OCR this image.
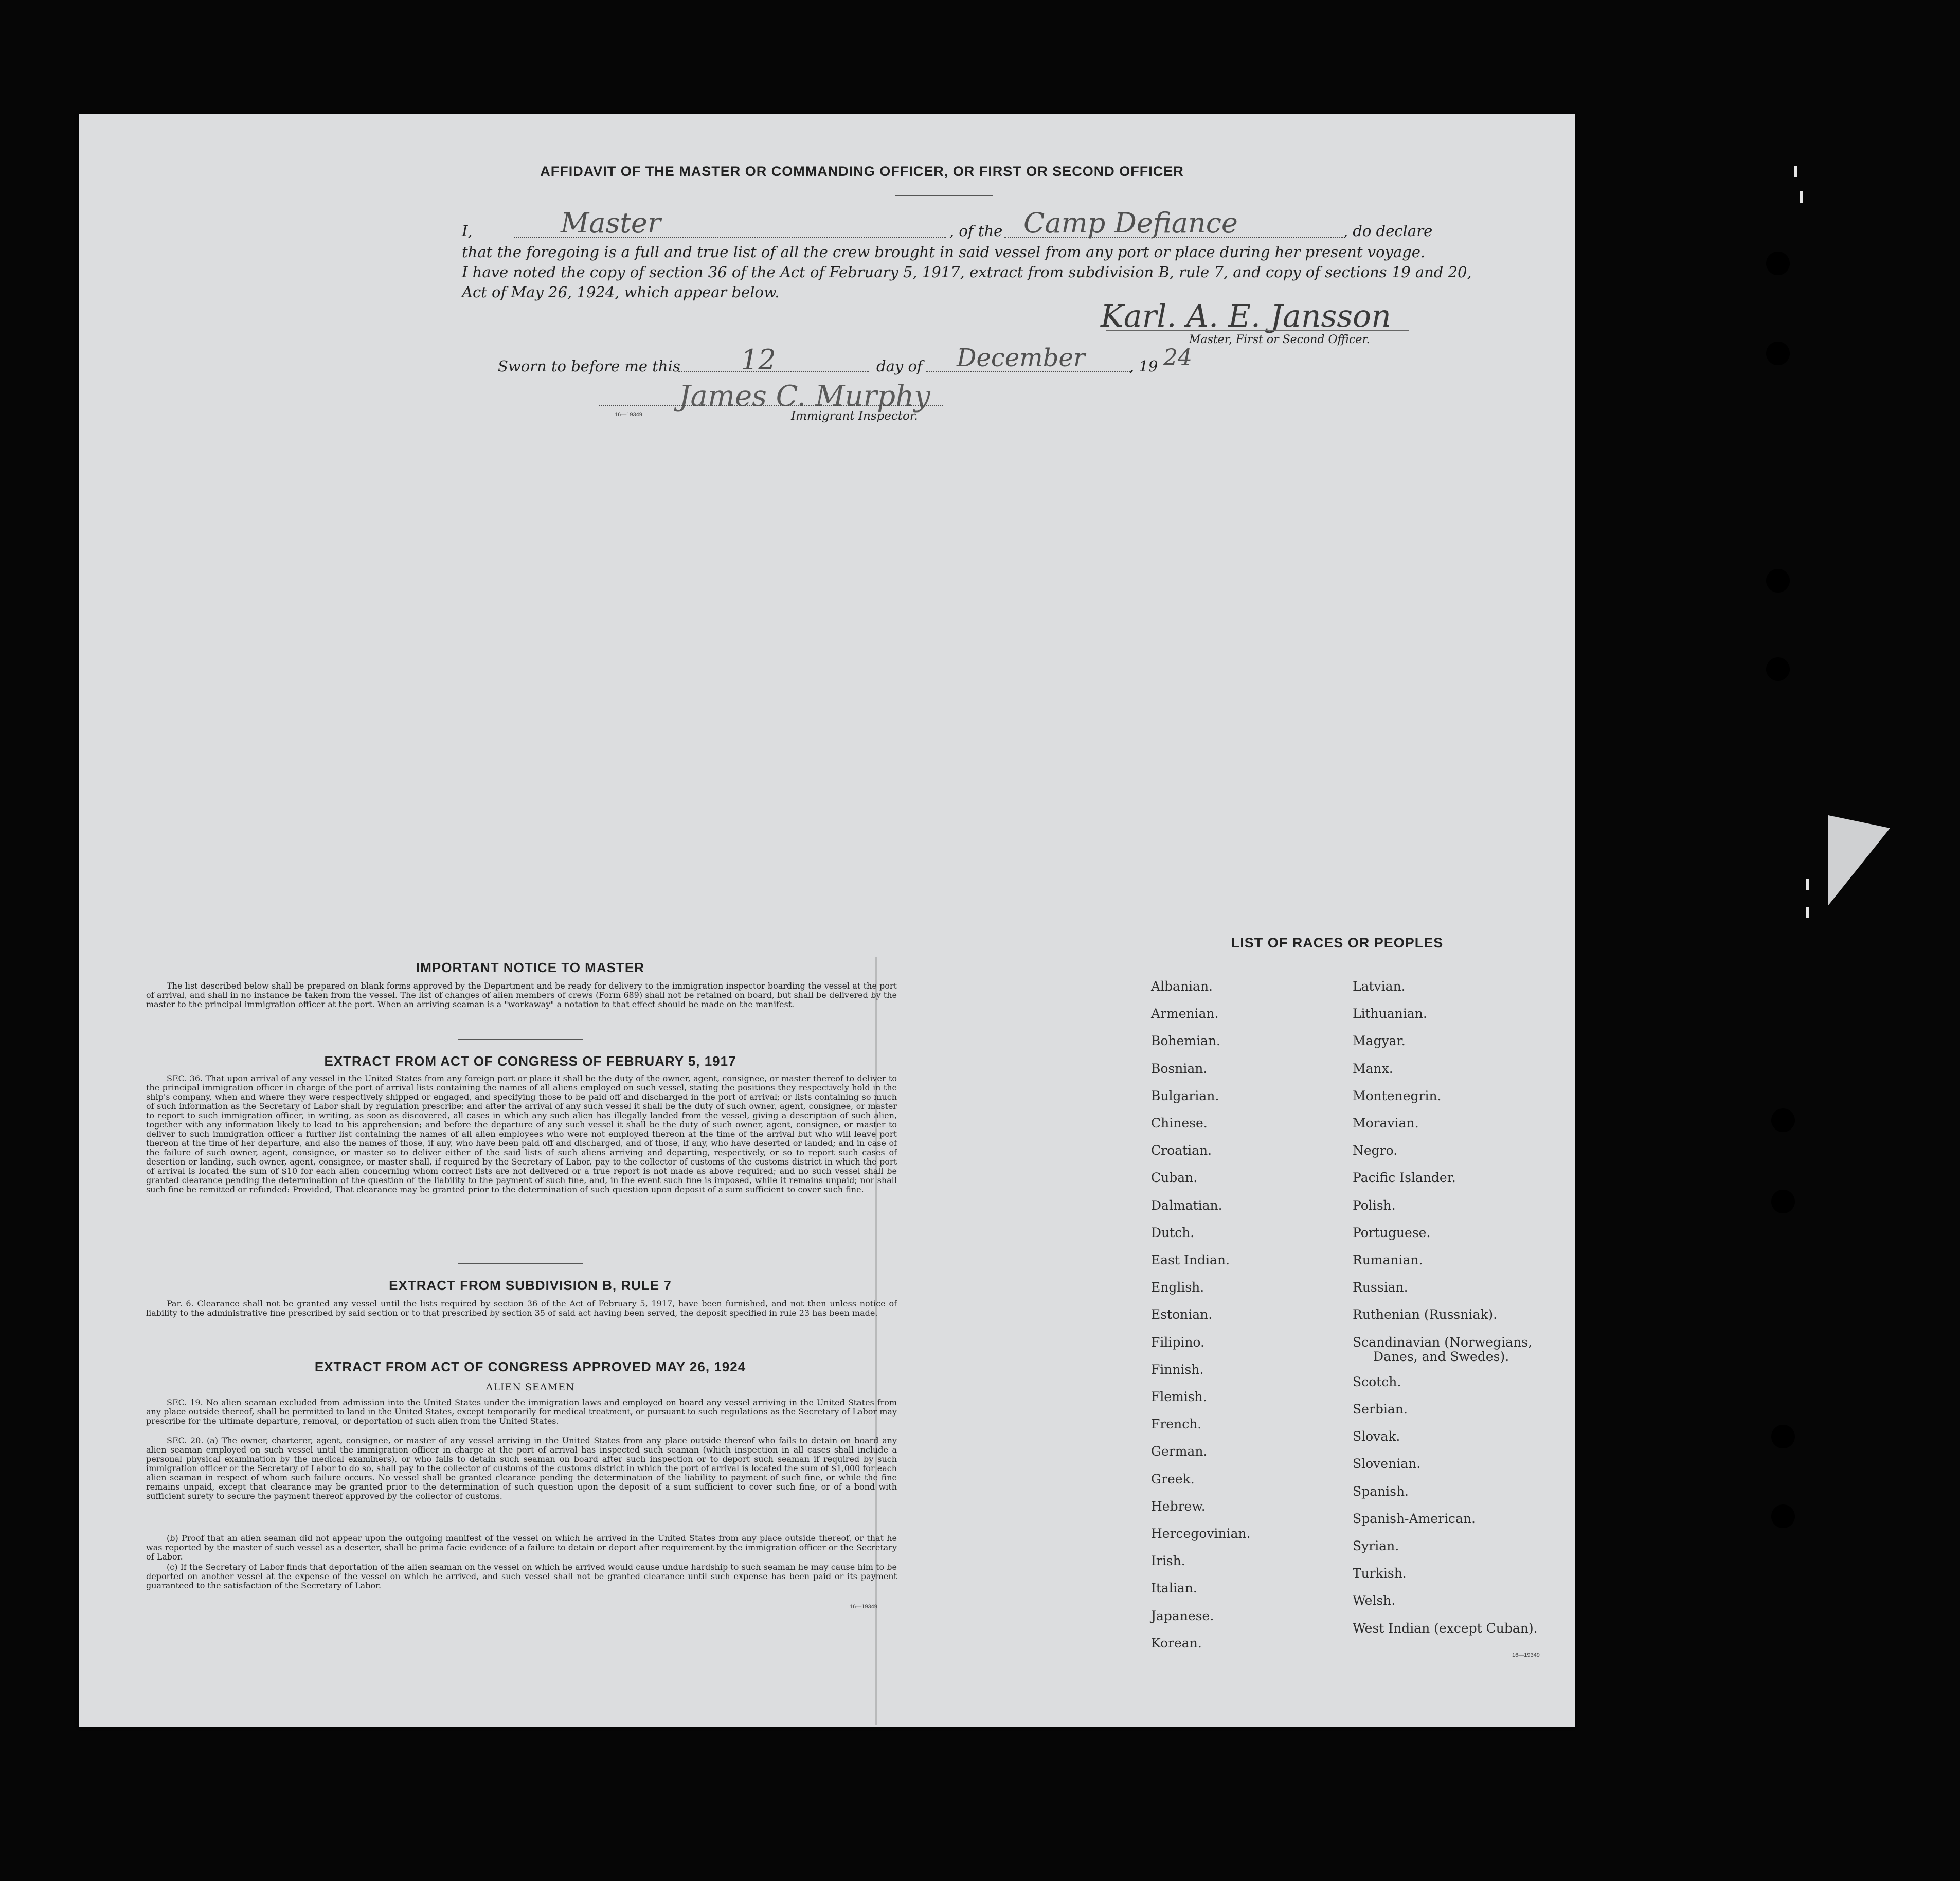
AFFIDAVIT OF THE MASTER OR COMMANDING OFFICER, OR FIRST OR SECOND OFFICER
I,	Master	, of the Camp Defiance	, do declare
that the foregoing is a full and true list of all the crew brought in said vessel from any port or place during her present voyage.
I have noted the copy of section 36 of the Act of February 5, 1917, extract from subdivision B, rule 7, and copy of sections 19 and 20,
Act of May 26, 1924, which appear below.
Karl. A. E. Jansson
Master, First or Second Officer.
Sworn to before me this 12	day of December	, 19 24
James C. Murphy
16—19349	Immigrant Inspector.
IMPORTANT NOTICE TO MASTER
The list described below shall be prepared on blank forms approved by the Department and be ready for delivery to the immigration inspector boarding the vessel at the port of arrival, and shall in no instance be taken from the vessel. The list of changes of alien members of crews (Form 689) shall not be retained on board, but shall be delivered by the master to the principal immigration officer at the port. When an arriving seaman is a "workaway" a notation to that effect should be made on the manifest.
EXTRACT FROM ACT OF CONGRESS OF FEBRUARY 5, 1917
SEC. 36. That upon arrival of any vessel in the United States from any foreign port or place it shall be the duty of the owner, agent, consignee, or master thereof to deliver to the principal immigration officer in charge of the port of arrival lists containing the names of all aliens employed on such vessel, stating the positions they respectively hold in the ship's company, when and where they were respectively shipped or engaged, and specifying those to be paid off and discharged in the port of arrival; or lists containing so much of such information as the Secretary of Labor shall by regulation prescribe; and after the arrival of any such vessel it shall be the duty of such owner, agent, consignee, or master to report to such immigration officer, in writing, as soon as discovered, all cases in which any such alien has illegally landed from the vessel, giving a description of such alien, together with any information likely to lead to his apprehension; and before the departure of any such vessel it shall be the duty of such owner, agent, consignee, or master to deliver to such immigration officer a further list containing the names of all alien employees who were not employed thereon at the time of the arrival but who will leave port thereon at the time of her departure, and also the names of those, if any, who have been paid off and discharged, and of those, if any, who have deserted or landed; and in case of the failure of such owner, agent, consignee, or master so to deliver either of the said lists of such aliens arriving and departing, respectively, or so to report such cases of desertion or landing, such owner, agent, consignee, or master shall, if required by the Secretary of Labor, pay to the collector of customs of the customs district in which the port of arrival is located the sum of $10 for each alien concerning whom correct lists are not delivered or a true report is not made as above required; and no such vessel shall be granted clearance pending the determination of the question of the liability to the payment of such fine, and, in the event such fine is imposed, while it remains unpaid; nor shall such fine be remitted or refunded: Provided, That clearance may be granted prior to the determination of such question upon deposit of a sum sufficient to cover such fine.
EXTRACT FROM SUBDIVISION B, RULE 7
Par. 6. Clearance shall not be granted any vessel until the lists required by section 36 of the Act of February 5, 1917, have been furnished, and not then unless notice of liability to the administrative fine prescribed by said section or to that prescribed by section 35 of said act having been served, the deposit specified in rule 23 has been made.
EXTRACT FROM ACT OF CONGRESS APPROVED MAY 26, 1924
ALIEN SEAMEN
SEC. 19. No alien seaman excluded from admission into the United States under the immigration laws and employed on board any vessel arriving in the United States from any place outside thereof, shall be permitted to land in the United States, except temporarily for medical treatment, or pursuant to such regulations as the Secretary of Labor may prescribe for the ultimate departure, removal, or deportation of such alien from the United States.
SEC. 20. (a) The owner, charterer, agent, consignee, or master of any vessel arriving in the United States from any place outside thereof who fails to detain on board any alien seaman employed on such vessel until the immigration officer in charge at the port of arrival has inspected such seaman (which inspection in all cases shall include a personal physical examination by the medical examiners), or who fails to detain such seaman on board after such inspection or to deport such seaman if required by such immigration officer or the Secretary of Labor to do so, shall pay to the collector of customs of the customs district in which the port of arrival is located the sum of $1,000 for each alien seaman in respect of whom such failure occurs. No vessel shall be granted clearance pending the determination of the liability to payment of such fine, or while the fine remains unpaid, except that clearance may be granted prior to the determination of such question upon the deposit of a sum sufficient to cover such fine, or of a bond with sufficient surety to secure the payment thereof approved by the collector of customs.
(b) Proof that an alien seaman did not appear upon the outgoing manifest of the vessel on which he arrived in the United States from any place outside thereof, or that he was reported by the master of such vessel as a deserter, shall be prima facie evidence of a failure to detain or deport after requirement by the immigration officer or the Secretary of Labor.
(c) If the Secretary of Labor finds that deportation of the alien seaman on the vessel on which he arrived would cause undue hardship to such seaman he may cause him to be deported on another vessel at the expense of the vessel on which he arrived, and such vessel shall not be granted clearance until such expense has been paid or its payment guaranteed to the satisfaction of the Secretary of Labor.
16—19349
LIST OF RACES OR PEOPLES
16—19349
Albanian.
Armenian.
Bohemian.
Bosnian.
Bulgarian.
Chinese.
Croatian.
Cuban.
Dalmatian.
Dutch.
East Indian.
English.
Estonian.
Filipino.
Finnish.
Flemish.
French.
German.
Greek.
Hebrew.
Hercegovinian.
Irish.
Italian.
Japanese.
Korean.
Latvian.
Lithuanian.
Magyar.
Manx.
Montenegrin.
Moravian.
Negro.
Pacific Islander.
Polish.
Portuguese.
Rumanian.
Russian.
Ruthenian (Russniak).
Scandinavian (Norwegians,
Danes, and Swedes).
Scotch.
Serbian.
Slovak.
Slovenian.
Spanish.
Spanish-American.
Syrian.
Turkish.
Welsh.
West Indian (except Cuban).
